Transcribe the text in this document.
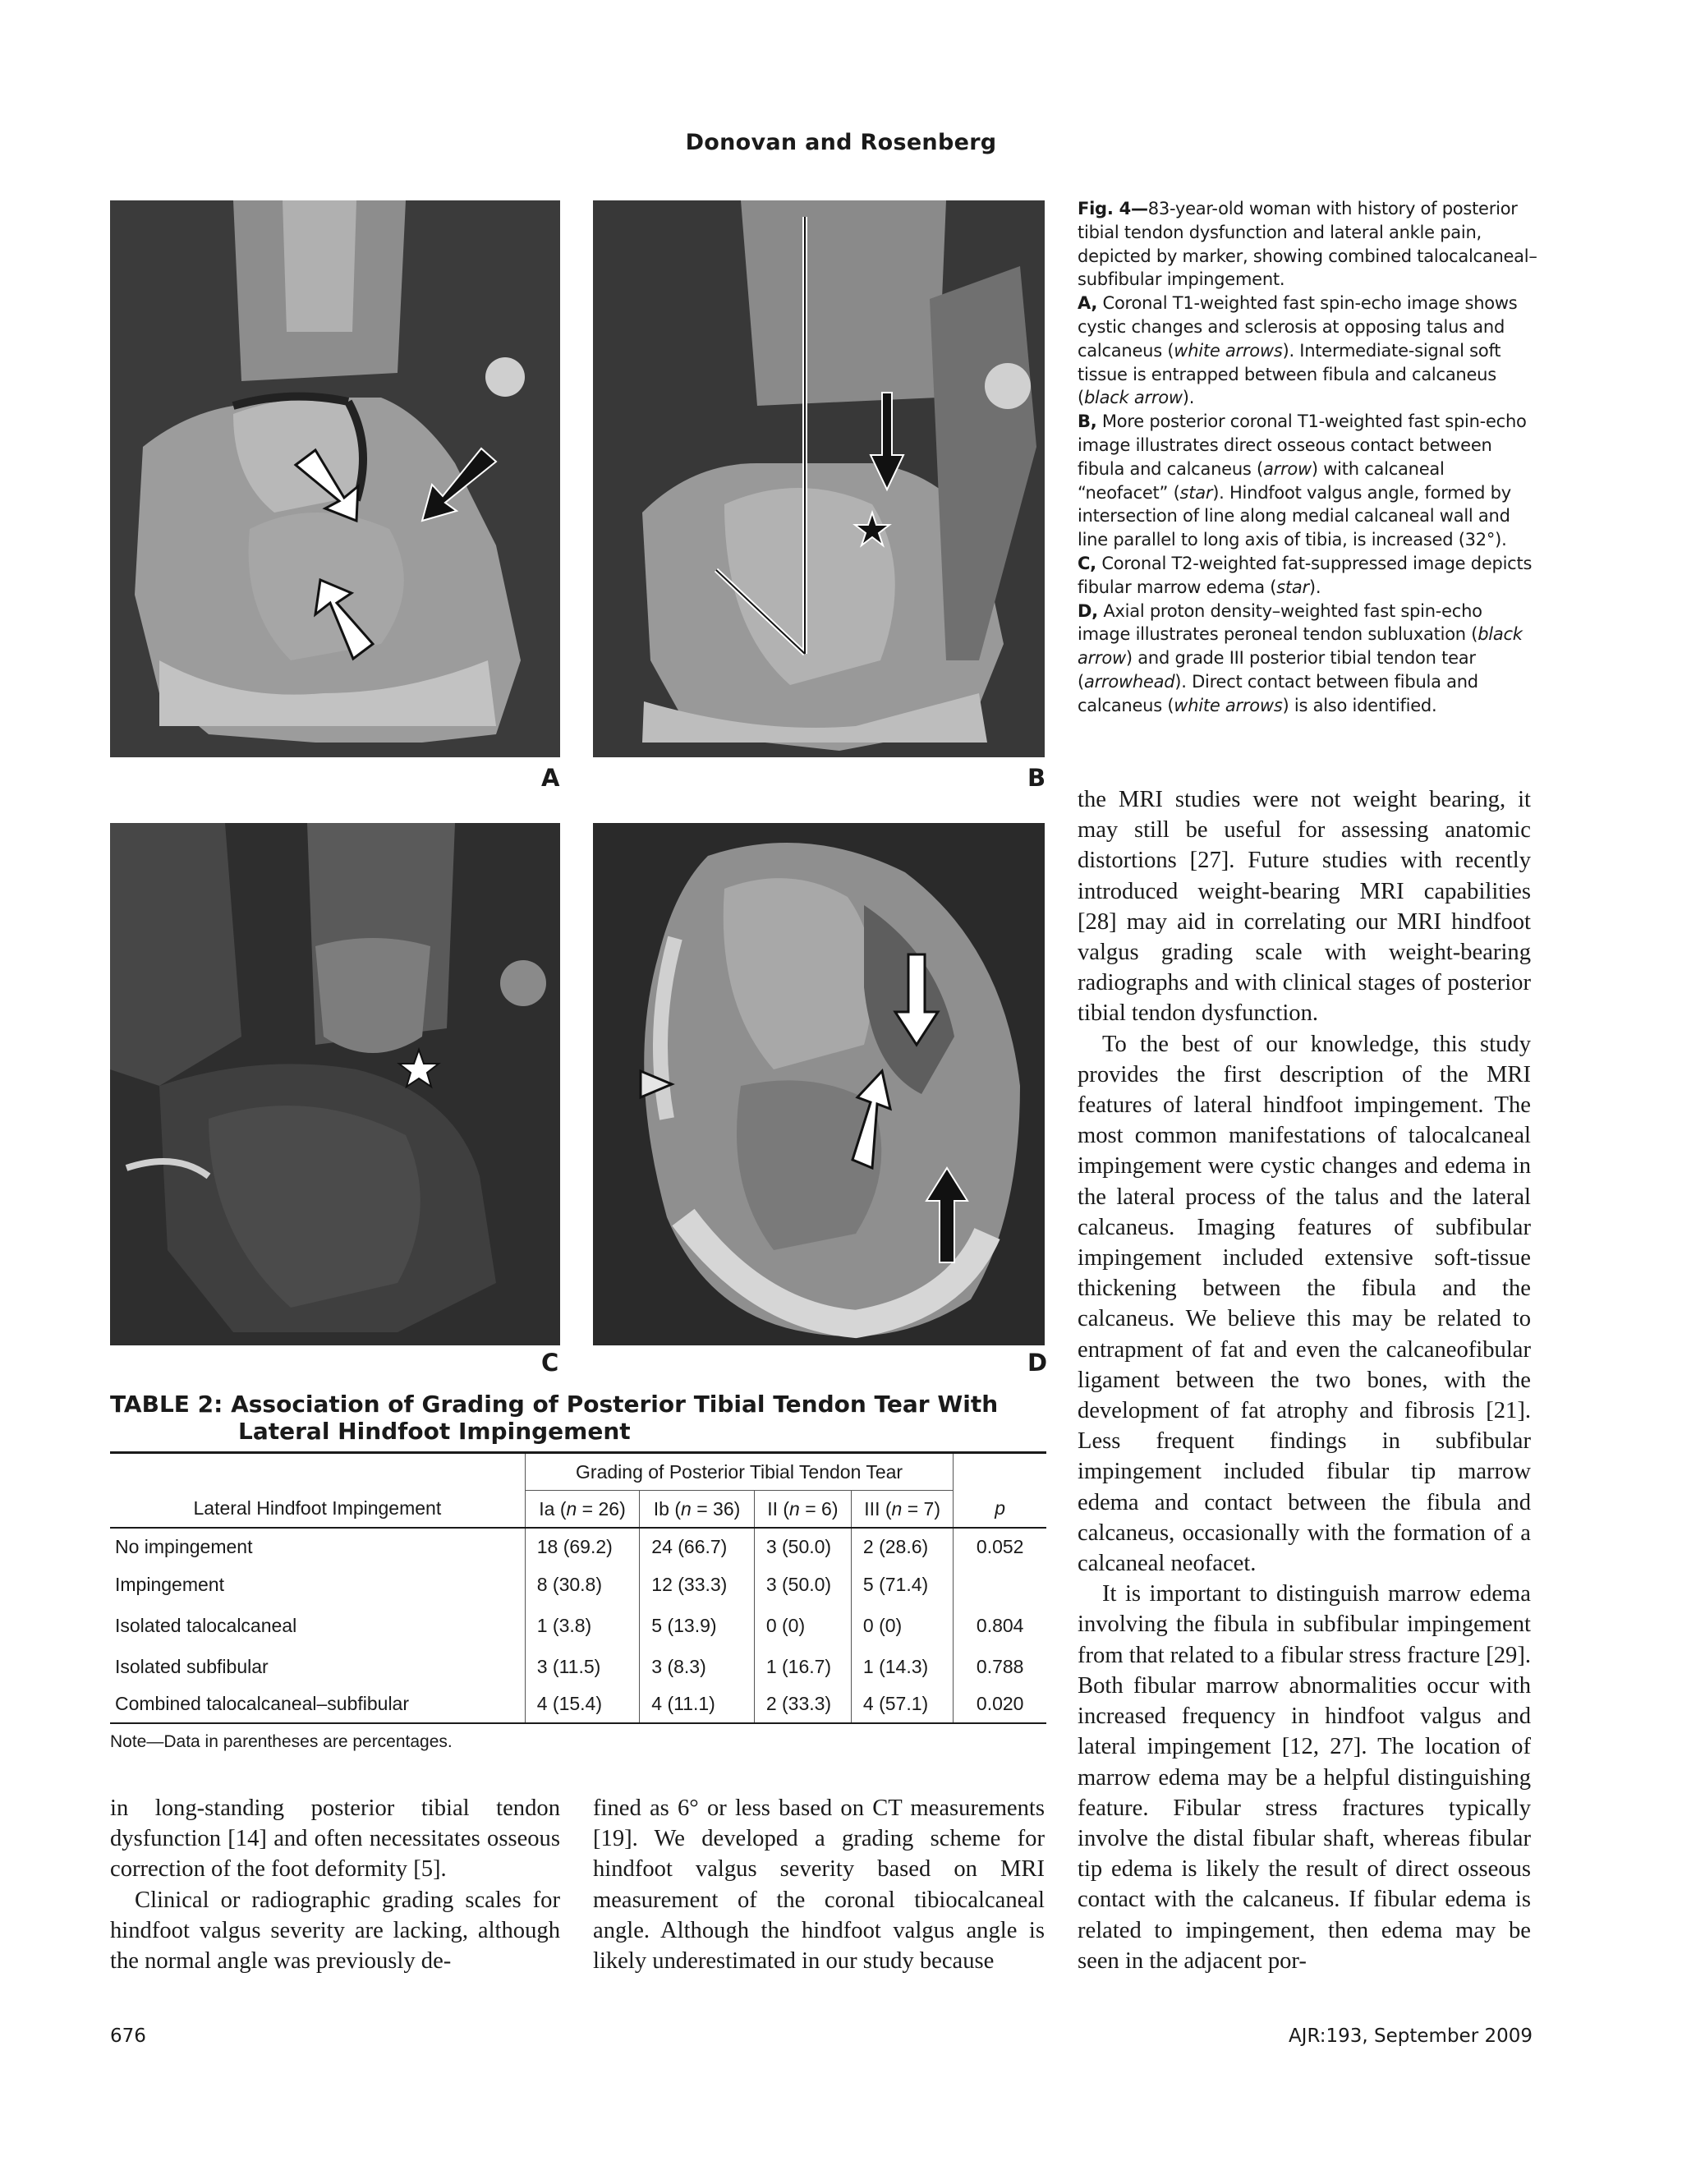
Donovan and Rosenberg
A	B
C	D

Fig. 4—83-year-old woman with history of posterior tibial tendon dysfunction and lateral ankle pain, depicted by marker, showing combined talocalcaneal–subfibular impingement.

A, Coronal T1-weighted fast spin-echo image shows cystic changes and sclerosis at opposing talus and calcaneus (white arrows). Intermediate-signal soft tissue is entrapped between fibula and calcaneus (black arrow).

B, More posterior coronal T1-weighted fast spin-echo image illustrates direct osseous contact between fibula and calcaneus (arrow) with calcaneal “neofacet” (star). Hindfoot valgus angle, formed by intersection of line along medial calcaneal wall and line parallel to long axis of tibia, is increased (32°).

C, Coronal T2-weighted fat-suppressed image depicts fibular marrow edema (star).

D, Axial proton density–weighted fast spin-echo image illustrates peroneal tendon subluxation (black arrow) and grade III posterior tibial tendon tear (arrowhead). Direct contact between fibula and calcaneus (white arrows) is also identified.

TABLE 2: Association of Grading of Posterior Tibial Tendon Tear With
Lateral Hindfoot Impingement
	Grading of Posterior Tibial Tendon Tear				
Lateral Hindfoot Impingement	Ia (n = 26)	Ib (n = 36)	II (n = 6)	III (n = 7)	p
No impingement	18 (69.2)	24 (66.7)	3 (50.0)	2 (28.6)	0.052
Impingement	8 (30.8)	12 (33.3)	3 (50.0)	5 (71.4)	
Isolated talocalcaneal	1 (3.8)	5 (13.9)	0 (0)	0 (0)	0.804
Isolated subfibular	3 (11.5)	3 (8.3)	1 (16.7)	1 (14.3)	0.788
Combined talocalcaneal–subfibular	4 (15.4)	4 (11.1)	2 (33.3)	4 (57.1)	0.020
Note—Data in parentheses are percentages.

in long-standing posterior tibial tendon dysfunction [14] and often necessitates osseous correction of the foot deformity [5].

Clinical or radiographic grading scales for hindfoot valgus severity are lacking, although the normal angle was previously de-

fined as 6° or less based on CT measurements [19]. We developed a grading scheme for hindfoot valgus severity based on MRI measurement of the coronal tibiocalcaneal angle. Although the hindfoot valgus angle is likely underestimated in our study because

the MRI studies were not weight bearing, it may still be useful for assessing anatomic distortions [27]. Future studies with recently introduced weight-bearing MRI capabilities [28] may aid in correlating our MRI hindfoot valgus grading scale with weight-bearing radiographs and with clinical stages of posterior tibial tendon dysfunction.

To the best of our knowledge, this study provides the first description of the MRI features of lateral hindfoot impingement. The most common manifestations of talocalcaneal impingement were cystic changes and edema in the lateral process of the talus and the lateral calcaneus. Imaging features of subfibular impingement included extensive soft-tissue thickening between the fibula and the calcaneus. We believe this may be related to entrapment of fat and even the calcaneofibular ligament between the two bones, with the development of fat atrophy and fibrosis [21]. Less frequent findings in subfibular impingement included fibular tip marrow edema and contact between the fibula and calcaneus, occasionally with the formation of a calcaneal neofacet.

It is important to distinguish marrow edema involving the fibula in subfibular impingement from that related to a fibular stress fracture [29]. Both fibular marrow abnormalities occur with increased frequency in hindfoot valgus and lateral impingement [12, 27]. The location of marrow edema may be a helpful distinguishing feature. Fibular stress fractures typically involve the distal fibular shaft, whereas fibular tip edema is likely the result of direct osseous contact with the calcaneus. If fibular edema is related to impingement, then edema may be seen in the adjacent por-

676	AJR:193, September 2009
